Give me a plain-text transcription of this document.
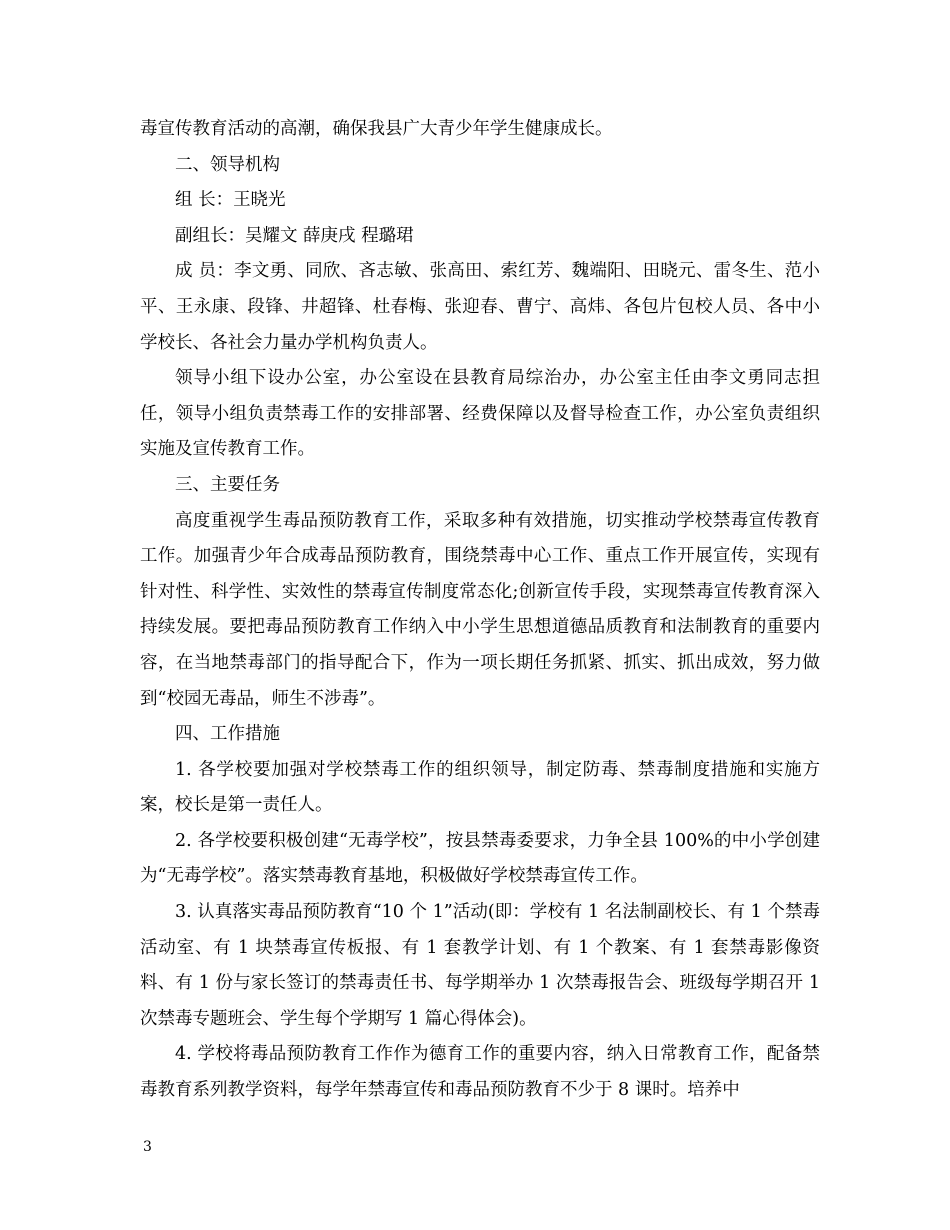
毒宣传教育活动的高潮，确保我县广大青少年学生健康成长。

二、领导机构

组 长：王晓光

副组长：吴耀文 薛庚戌 程璐珺

成 员：李文勇、同欣、吝志敏、张高田、索红芳、魏端阳、田晓元、雷冬生、范小平、王永康、段锋、井超锋、杜春梅、张迎春、曹宁、高炜、各包片包校人员、各中小学校长、各社会力量办学机构负责人。

领导小组下设办公室，办公室设在县教育局综治办，办公室主任由李文勇同志担任，领导小组负责禁毒工作的安排部署、经费保障以及督导检查工作，办公室负责组织实施及宣传教育工作。

三、主要任务

高度重视学生毒品预防教育工作，采取多种有效措施，切实推动学校禁毒宣传教育工作。加强青少年合成毒品预防教育，围绕禁毒中心工作、重点工作开展宣传，实现有针对性、科学性、实效性的禁毒宣传制度常态化;创新宣传手段，实现禁毒宣传教育深入持续发展。要把毒品预防教育工作纳入中小学生思想道德品质教育和法制教育的重要内容，在当地禁毒部门的指导配合下，作为一项长期任务抓紧、抓实、抓出成效，努力做到“校园无毒品，师生不涉毒”。

四、工作措施

1. 各学校要加强对学校禁毒工作的组织领导，制定防毒、禁毒制度措施和实施方案，校长是第一责任人。

2. 各学校要积极创建“无毒学校”，按县禁毒委要求，力争全县 100%的中小学创建为“无毒学校”。落实禁毒教育基地，积极做好学校禁毒宣传工作。

3. 认真落实毒品预防教育“10 个 1”活动(即：学校有 1 名法制副校长、有 1 个禁毒活动室、有 1 块禁毒宣传板报、有 1 套教学计划、有 1 个教案、有 1 套禁毒影像资料、有 1 份与家长签订的禁毒责任书、每学期举办 1 次禁毒报告会、班级每学期召开 1 次禁毒专题班会、学生每个学期写 1 篇心得体会)。

4. 学校将毒品预防教育工作作为德育工作的重要内容，纳入日常教育工作，配备禁毒教育系列教学资料，每学年禁毒宣传和毒品预防教育不少于 8 课时。培养中

3
